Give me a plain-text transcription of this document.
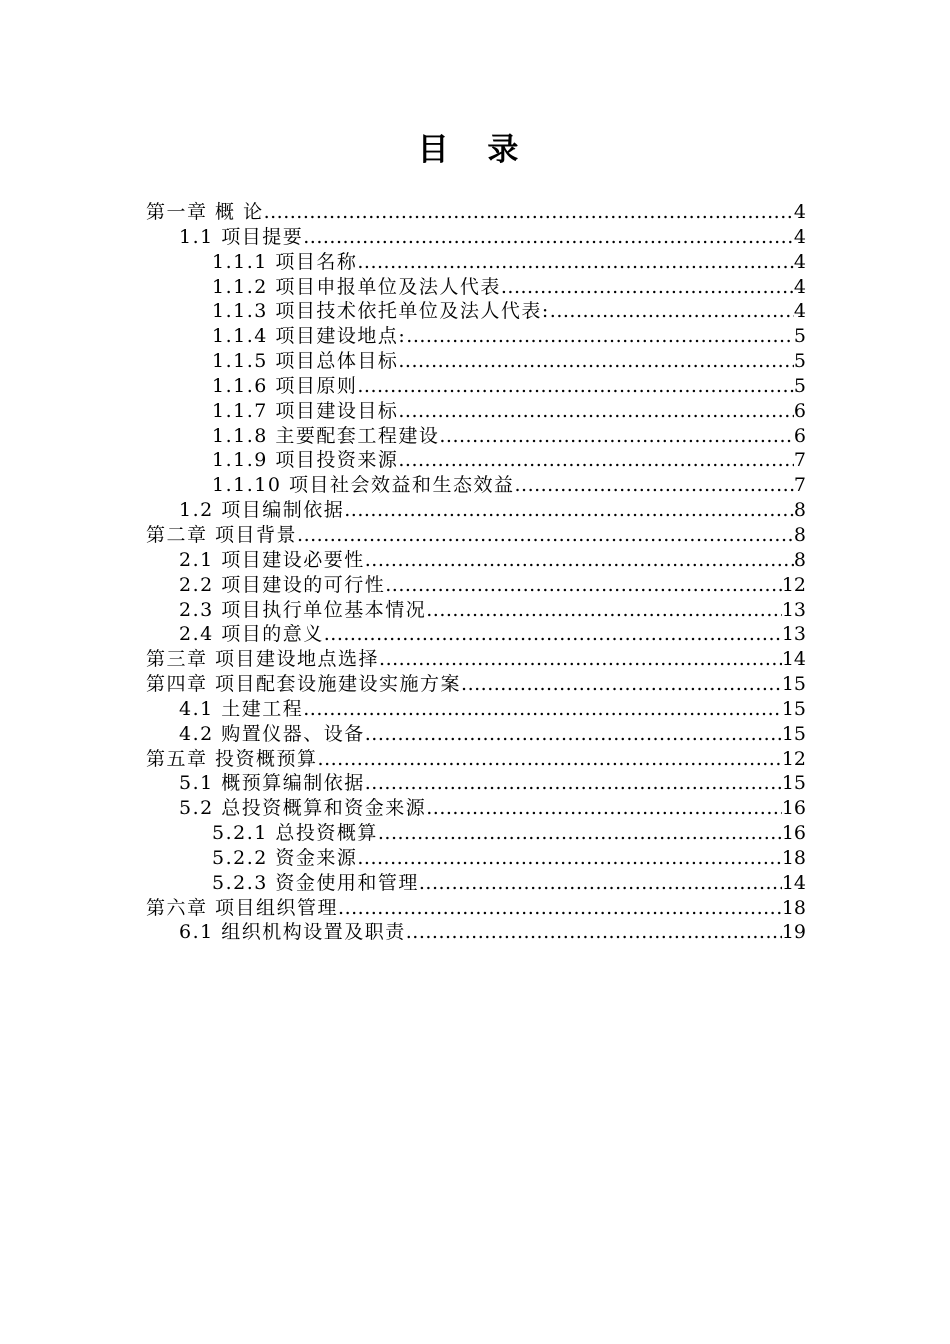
目 录
第一章 概 论 .....	4
1.1 项目提要 .....	4
1.1.1 项目名称 .....	4
1.1.2 项目申报单位及法人代表 .....	4
1.1.3 项目技术依托单位及法人代表: .....	4
1.1.4 项目建设地点: .....	5
1.1.5 项目总体目标 .....	5
1.1.6 项目原则 .....	5
1.1.7 项目建设目标 .....	6
1.1.8 主要配套工程建设 .....	6
1.1.9 项目投资来源 .....	7
1.1.10 项目社会效益和生态效益 .....	7
1.2 项目编制依据 .....	8
第二章 项目背景 .....	8
2.1 项目建设必要性 .....	8
2.2 项目建设的可行性 .....	12
2.3 项目执行单位基本情况 .....	13
2.4 项目的意义 .....	13
第三章 项目建设地点选择 .....	14
第四章 项目配套设施建设实施方案 .....	15
4.1 土建工程 .....	15
4.2 购置仪器、设备 .....	15
第五章 投资概预算 .....	12
5.1 概预算编制依据 .....	15
5.2 总投资概算和资金来源 .....	16
5.2.1 总投资概算 .....	16
5.2.2 资金来源 .....	18
5.2.3 资金使用和管理 .....	14
第六章 项目组织管理 .....	18
6.1 组织机构设置及职责 .....	19
